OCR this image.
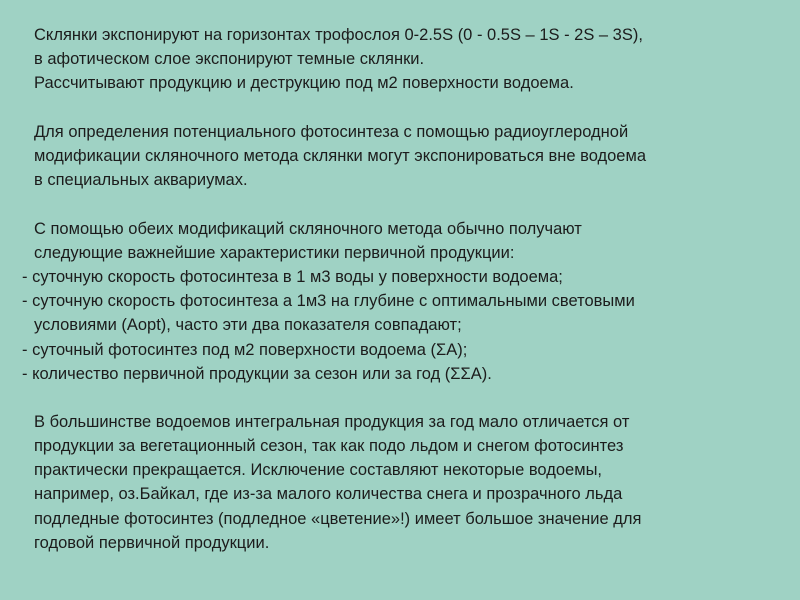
Склянки экспонируют на горизонтах трофослоя 0-2.5S (0 - 0.5S – 1S - 2S – 3S),
в афотическом слое экспонируют темные склянки.
Рассчитывают продукцию и деструкцию под м2 поверхности водоема.
Для определения потенциального фотосинтеза с помощью радиоуглеродной
модификации скляночного метода склянки могут экспонироваться вне водоема
в специальных аквариумах.
С помощью обеих модификаций скляночного метода обычно получают
следующие важнейшие характеристики первичной продукции:
- суточную скорость фотосинтеза в 1 м3 воды у поверхности водоема;
- суточную скорость фотосинтеза а 1м3 на глубине с оптимальными световыми
условиями (Aopt), часто эти два показателя совпадают;
- суточный фотосинтез под м2 поверхности водоема (ΣA);
- количество первичной продукции за сезон или за год (ΣΣA).
В большинстве водоемов интегральная продукция за год мало отличается от
продукции за вегетационный сезон, так как подо льдом и снегом фотосинтез
практически прекращается. Исключение составляют некоторые водоемы,
например, оз.Байкал, где из-за малого количества снега и прозрачного льда
подледные фотосинтез (подледное «цветение»!) имеет большое значение для
годовой первичной продукции.
